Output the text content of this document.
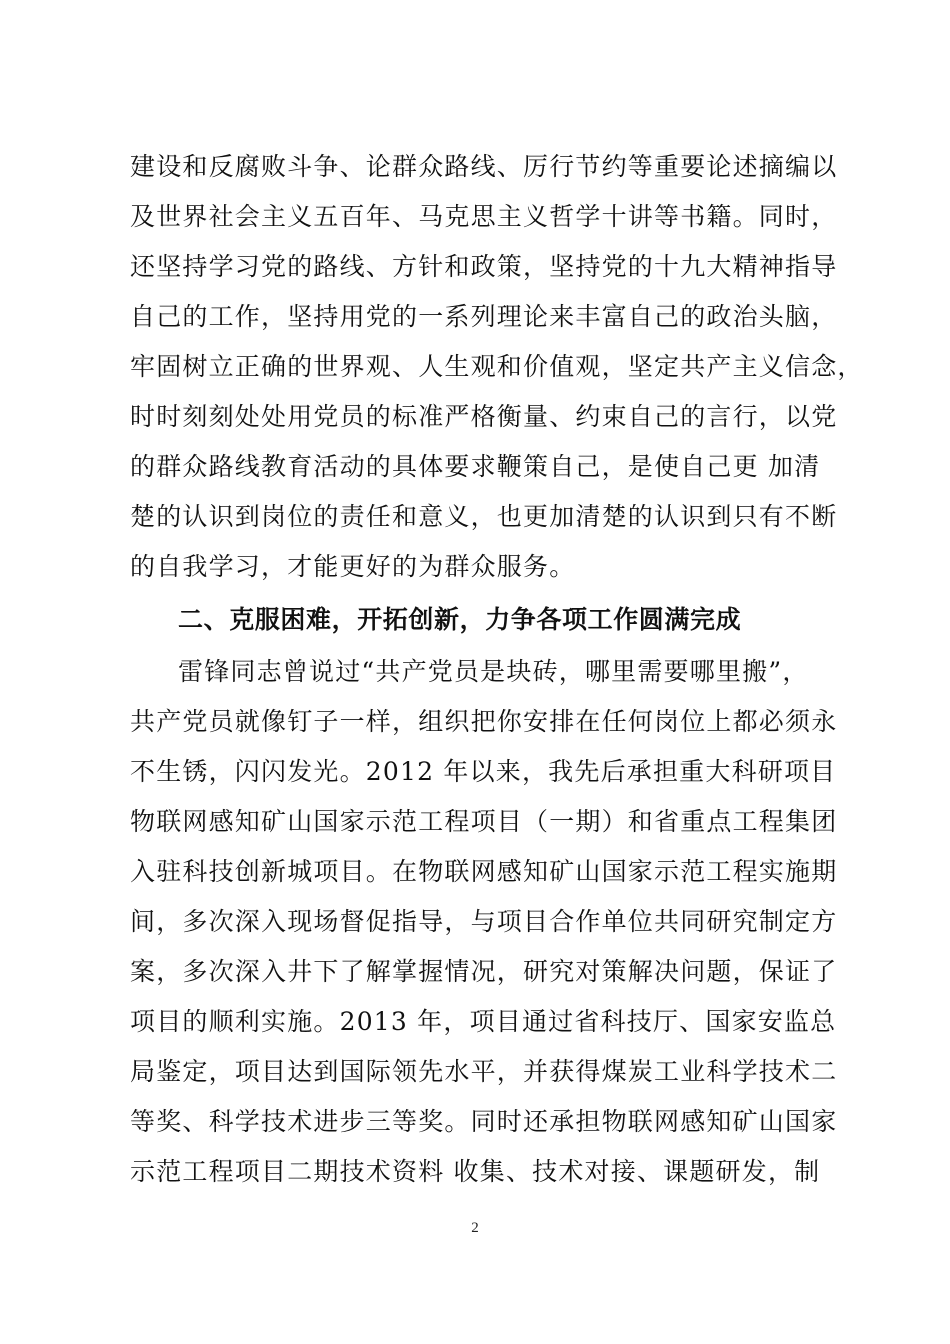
建设和反腐败斗争、论群众路线、厉行节约等重要论述摘编以
及世界社会主义五百年、马克思主义哲学十讲等书籍。同时，
还坚持学习党的路线、方针和政策，坚持党的十九大精神指导
自己的工作，坚持用党的一系列理论来丰富自己的政治头脑，
牢固树立正确的世界观、人生观和价值观，坚定共产主义信念，
时时刻刻处处用党员的标准严格衡量、约束自己的言行，以党
的群众路线教育活动的具体要求鞭策自己，是使自己更 加清
楚的认识到岗位的责任和意义，也更加清楚的认识到只有不断
的自我学习，才能更好的为群众服务。
二、克服困难，开拓创新，力争各项工作圆满完成
雷锋同志曾说过“共产党员是块砖，哪里需要哪里搬”，
共产党员就像钉子一样，组织把你安排在任何岗位上都必须永
不生锈，闪闪发光。2012 年以来，我先后承担重大科研项目
物联网感知矿山国家示范工程项目（一期）和省重点工程集团
入驻科技创新城项目。在物联网感知矿山国家示范工程实施期
间，多次深入现场督促指导，与项目合作单位共同研究制定方
案，多次深入井下了解掌握情况，研究对策解决问题，保证了
项目的顺利实施。2013 年，项目通过省科技厅、国家安监总
局鉴定，项目达到国际领先水平，并获得煤炭工业科学技术二
等奖、科学技术进步三等奖。同时还承担物联网感知矿山国家
示范工程项目二期技术资料 收集、技术对接、课题研发，制
2
